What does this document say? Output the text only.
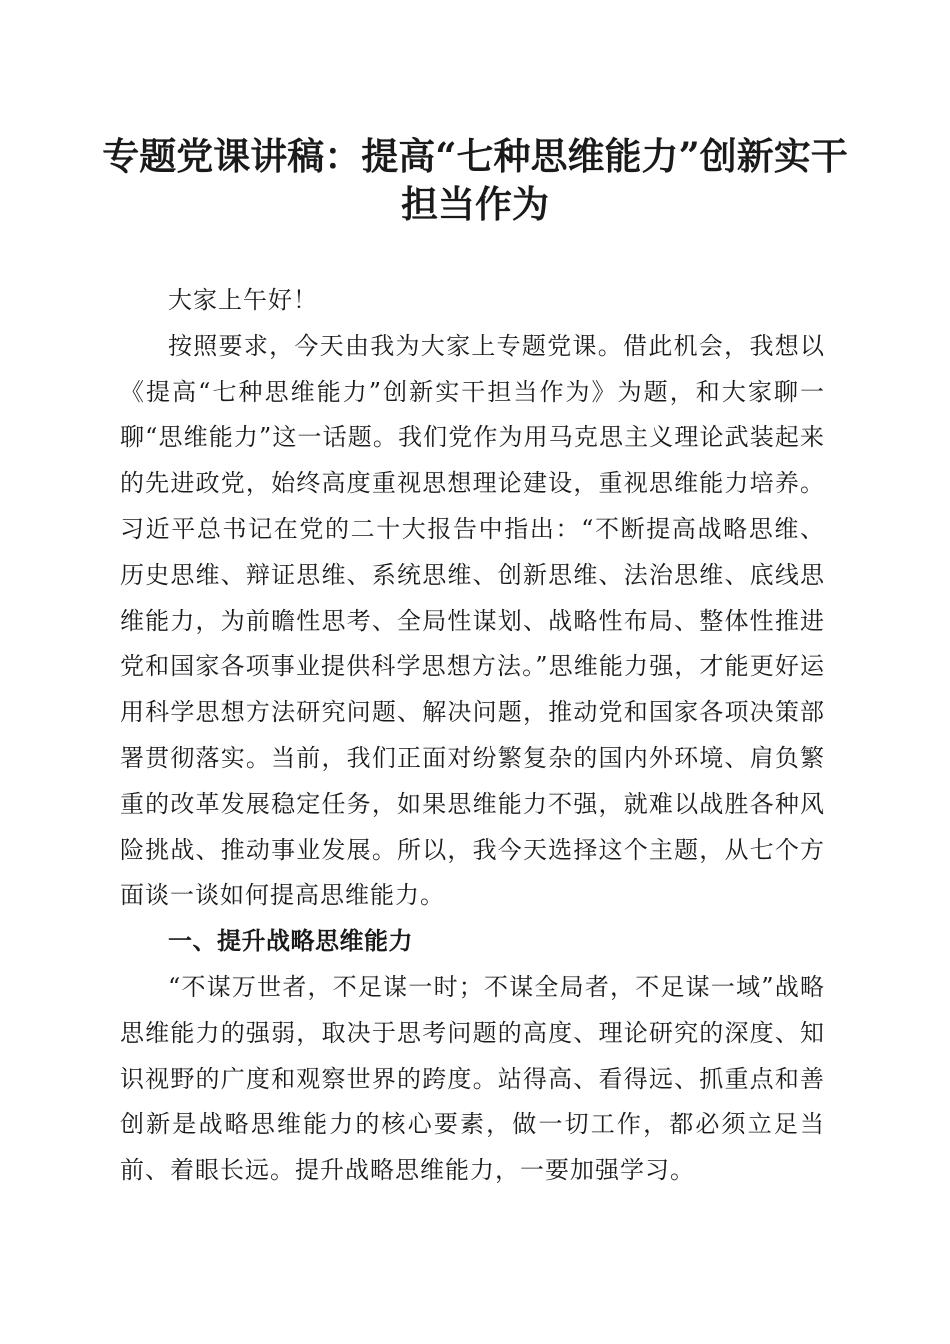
专题党课讲稿：提高“七种思维能力”创新实干担当作为

大家上午好！

按照要求，今天由我为大家上专题党课。借此机会，我想以《提高“七种思维能力”创新实干担当作为》为题，和大家聊一聊“思维能力”这一话题。我们党作为用马克思主义理论武装起来的先进政党，始终高度重视思想理论建设，重视思维能力培养。习近平总书记在党的二十大报告中指出：“不断提高战略思维、历史思维、辩证思维、系统思维、创新思维、法治思维、底线思维能力，为前瞻性思考、全局性谋划、战略性布局、整体性推进党和国家各项事业提供科学思想方法。”思维能力强，才能更好运用科学思想方法研究问题、解决问题，推动党和国家各项决策部署贯彻落实。当前，我们正面对纷繁复杂的国内外环境、肩负繁重的改革发展稳定任务，如果思维能力不强，就难以战胜各种风险挑战、推动事业发展。所以，我今天选择这个主题，从七个方面谈一谈如何提高思维能力。

一、提升战略思维能力

“不谋万世者，不足谋一时；不谋全局者，不足谋一域”战略思维能力的强弱，取决于思考问题的高度、理论研究的深度、知识视野的广度和观察世界的跨度。站得高、看得远、抓重点和善创新是战略思维能力的核心要素，做一切工作，都必须立足当前、着眼长远。提升战略思维能力，一要加强学习。
